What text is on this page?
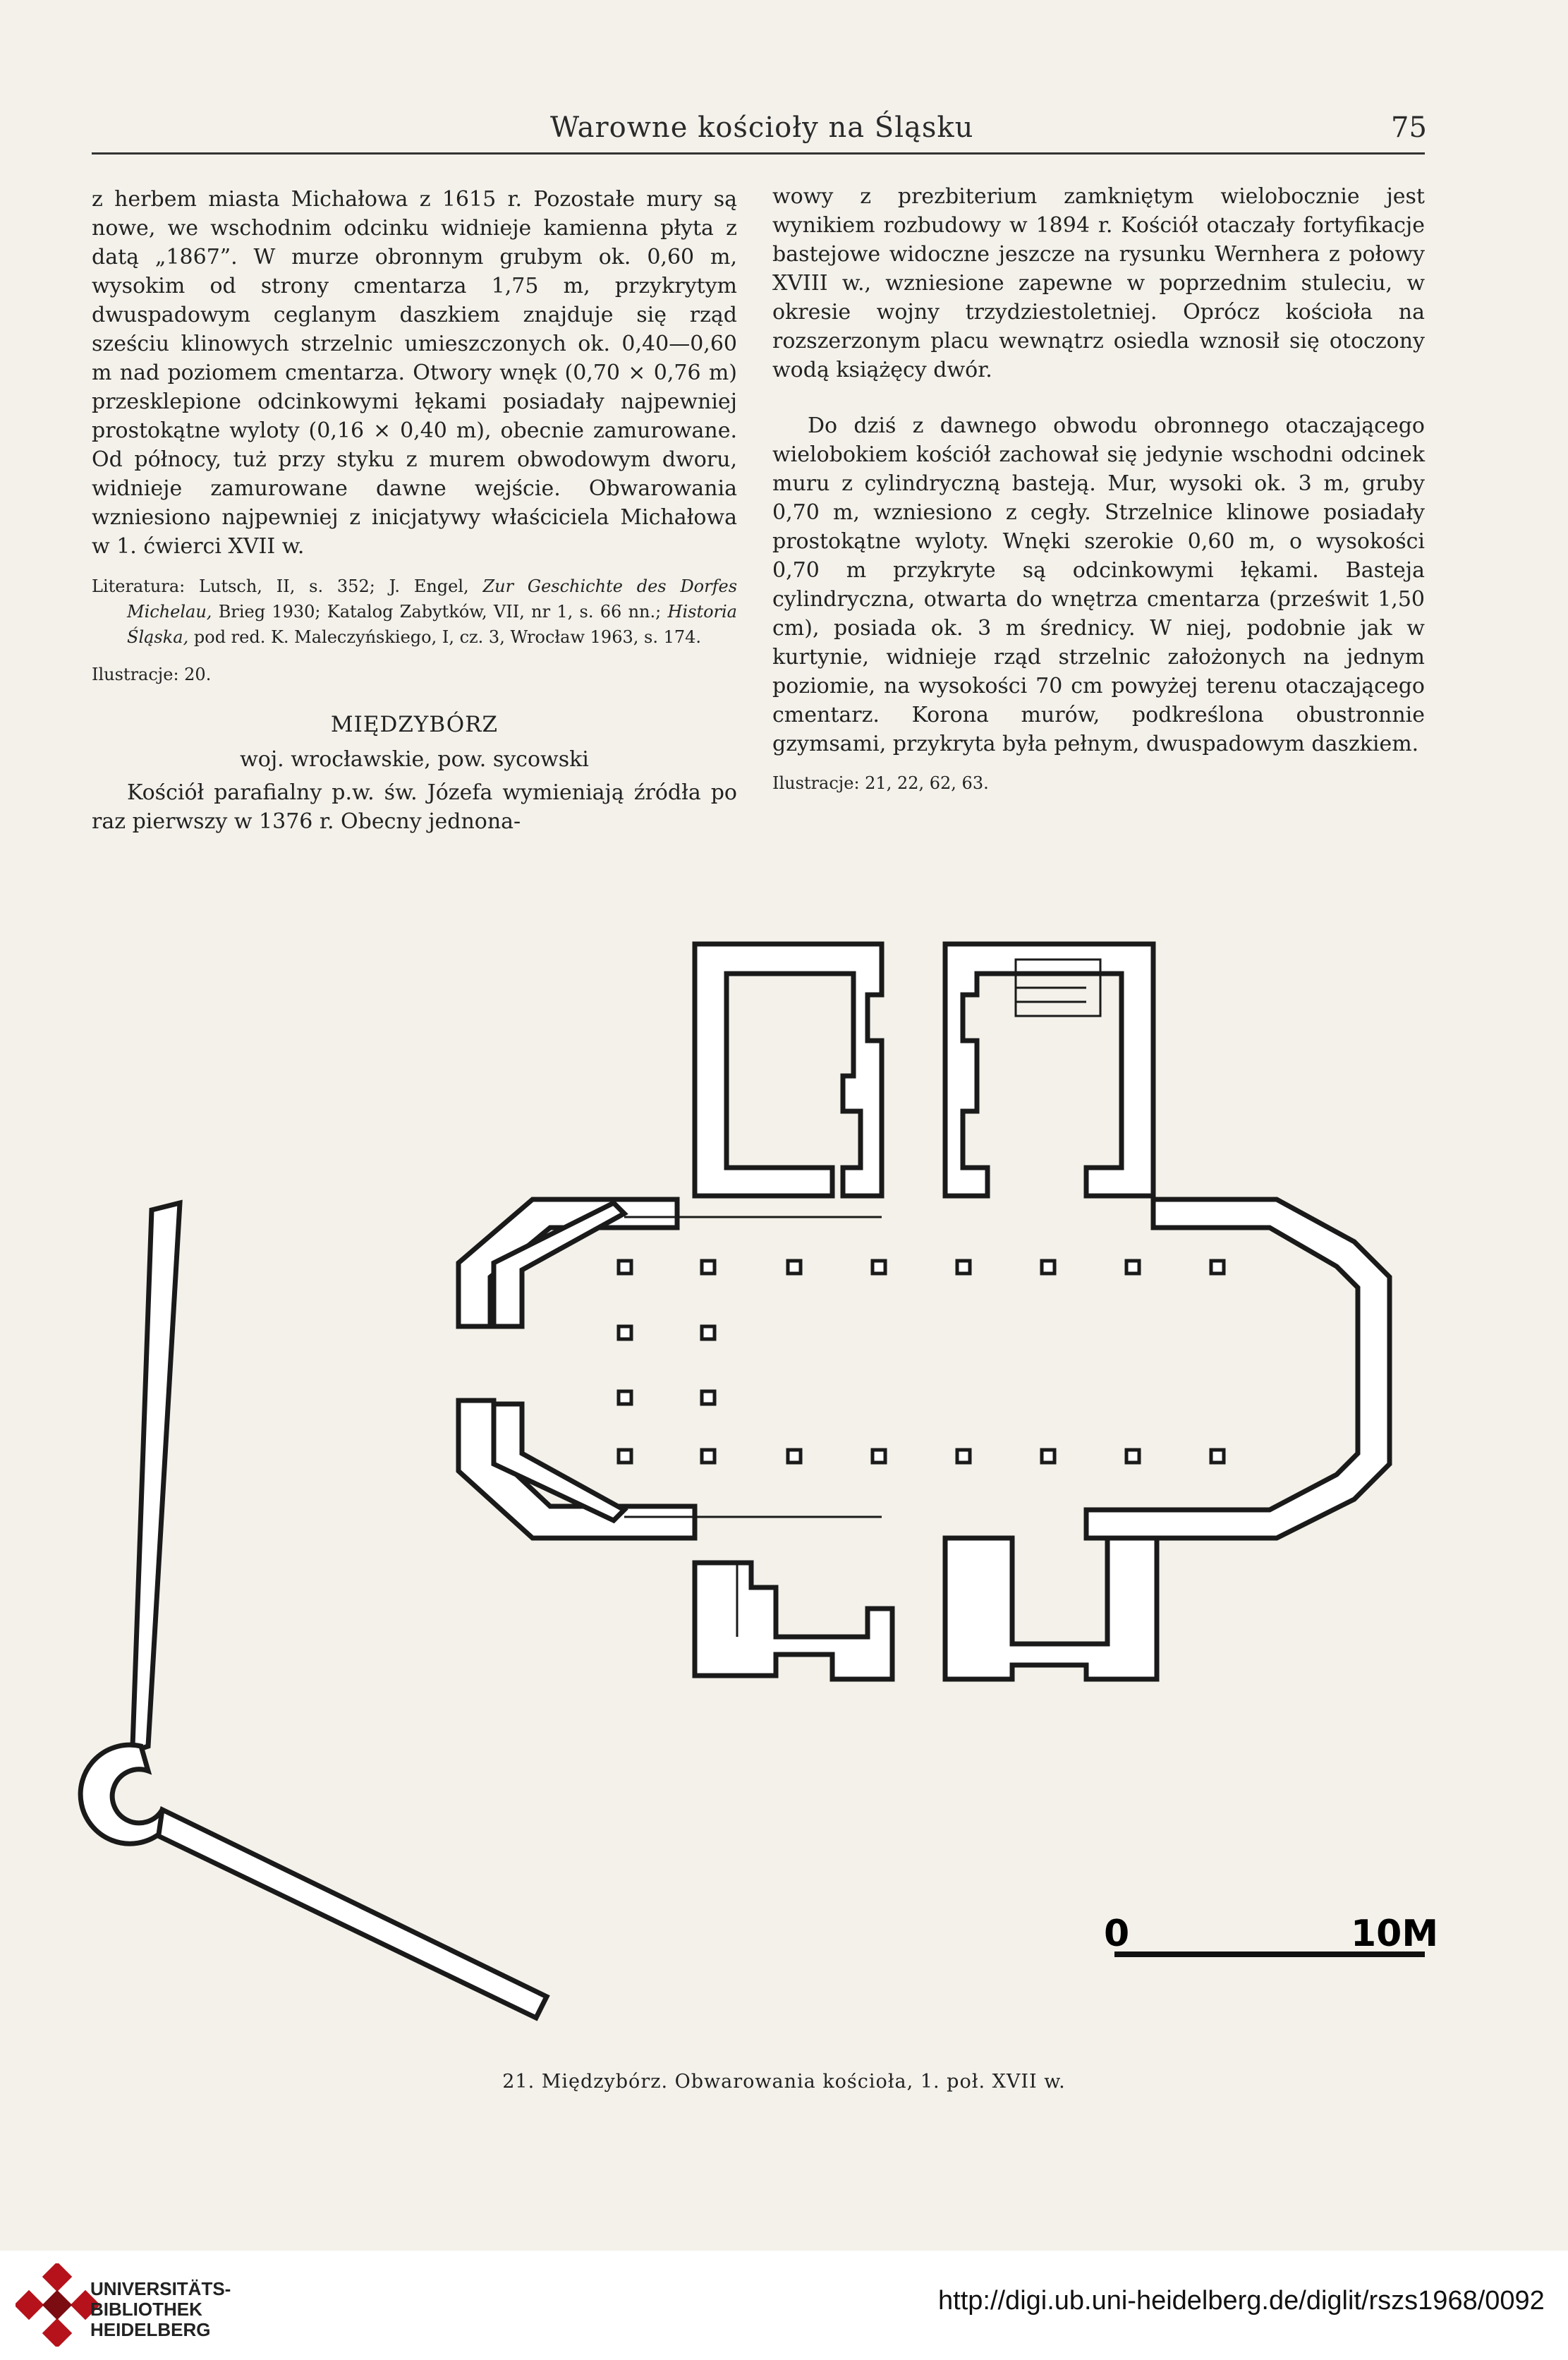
Warowne kościoły na Śląsku	75

z herbem miasta Michałowa z 1615 r. Pozostałe mury są nowe, we wschodnim odcinku widnieje kamienna płyta z datą „1867”. W murze obronnym grubym ok. 0,60 m, wysokim od strony cmentarza 1,75 m, przykrytym dwuspadowym ceglanym daszkiem znajduje się rząd sześciu klinowych strzelnic umieszczonych ok. 0,40—0,60 m nad poziomem cmentarza. Otwory wnęk (0,70 × 0,76 m) przesklepione odcinkowymi łękami posiadały najpewniej prostokątne wyloty (0,16 × 0,40 m), obecnie zamurowane. Od północy, tuż przy styku z murem obwodowym dworu, widnieje zamurowane dawne wejście. Obwarowania wzniesiono najpewniej z inicjatywy właściciela Michałowa w 1. ćwierci XVII w.

Literatura: Lutsch, II, s. 352; J. Engel, Zur Geschichte des Dorfes Michelau, Brieg 1930; Katalog Zabytków, VII, nr 1, s. 66 nn.; Historia Śląska, pod red. K. Maleczyńskiego, I, cz. 3, Wrocław 1963, s. 174.

Ilustracje: 20.

MIĘDZYBÓRZ

woj. wrocławskie, pow. sycowski

Kościół parafialny p.w. św. Józefa wymieniają źródła po raz pierwszy w 1376 r. Obecny jednona-

wowy z prezbiterium zamkniętym wielobocznie jest wynikiem rozbudowy w 1894 r. Kościół otaczały fortyfikacje bastejowe widoczne jeszcze na rysunku Wernhera z połowy XVIII w., wzniesione zapewne w poprzednim stuleciu, w okresie wojny trzydziestoletniej. Oprócz kościoła na rozszerzonym placu wewnątrz osiedla wznosił się otoczony wodą książęcy dwór.

Do dziś z dawnego obwodu obronnego otaczającego wielobokiem kościół zachował się jedynie wschodni odcinek muru z cylindryczną basteją. Mur, wysoki ok. 3 m, gruby 0,70 m, wzniesiono z cegły. Strzelnice klinowe posiadały prostokątne wyloty. Wnęki szerokie 0,60 m, o wysokości 0,70 m przykryte są odcinkowymi łękami. Basteja cylindryczna, otwarta do wnętrza cmentarza (prześwit 1,50 cm), posiada ok. 3 m średnicy. W niej, podobnie jak w kurtynie, widnieje rząd strzelnic założonych na jednym poziomie, na wysokości 70 cm powyżej terenu otaczającego cmentarz. Korona murów, podkreślona obustronnie gzymsami, przykryta była pełnym, dwuspadowym daszkiem.

Ilustracje: 21, 22, 62, 63.

0	10M
21. Międzybórz. Obwarowania kościoła, 1. poł. XVII w.
UNIVERSITÄTS-
BIBLIOTHEK
HEIDELBERG
http://digi.ub.uni-heidelberg.de/diglit/rszs1968/0092
